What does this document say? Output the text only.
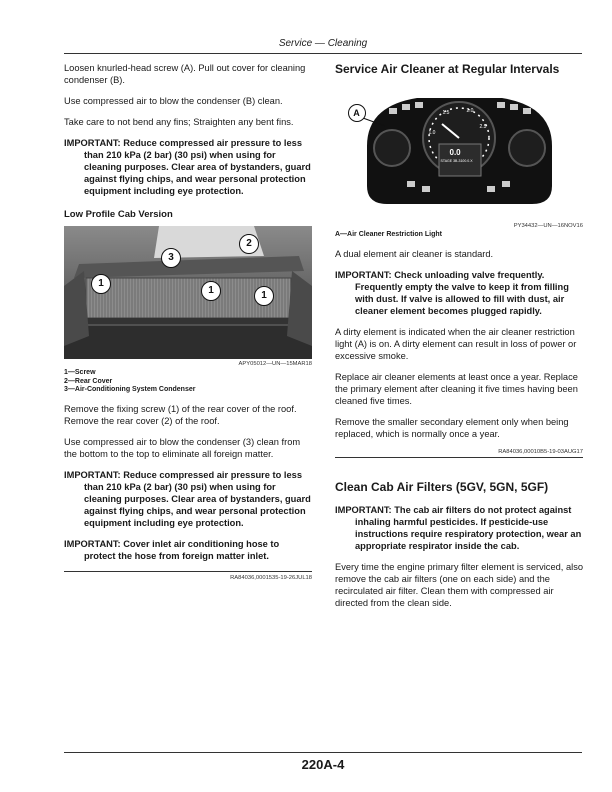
Service — Cleaning

Loosen knurled-head screw (A). Pull out cover for cleaning condenser (B).

Use compressed air to blow the condenser (B) clean.

Take care to not bend any fins; Straighten any bent fins.

IMPORTANT: Reduce compressed air pressure to less than 210 kPa (2 bar) (30 psi) when using for cleaning purposes. Clear area of bystanders, guard against flying chips, and wear personal protection equipment including eye protection.

Low Profile Cab Version
1
1	1
2
3
APY05012—UN—15MAR18
1—Screw
2—Rear Cover
3—Air-Conditioning System Condenser

Remove the fixing screw (1) of the rear cover of the roof. Remove the rear cover (2) of the roof.

Use compressed air to blow the condenser (3) clean from the bottom to the top to eliminate all foreign matter.

IMPORTANT: Reduce compressed air pressure to less than 210 kPa (2 bar) (30 psi) when using for cleaning purposes. Clear area of bystanders, guard against flying chips, and wear personal protection equipment including eye protection.

IMPORTANT: Cover inlet air conditioning hose to protect the hose from foreign matter inlet.

RA84036,0001535-19-26JUL18
Service Air Cleaner at Regular Intervals
A
0.0
STAGE 3B-3100.0.X
1.0
1.5	2.0
2.5
PY34432—UN—16NOV16
A—Air Cleaner Restriction Light

A dual element air cleaner is standard.

IMPORTANT: Check unloading valve frequently. Frequently empty the valve to keep it from filling with dust. If valve is allowed to fill with dust, air cleaner element becomes plugged rapidly.

A dirty element is indicated when the air cleaner restriction light (A) is on. A dirty element can result in loss of power or excessive smoke.

Replace air cleaner elements at least once a year. Replace the primary element after cleaning it five times having been cleaned five times.

Remove the smaller secondary element only when being replaced, which is normally once a year.

RA84036,00010B5-19-03AUG17
Clean Cab Air Filters (5GV, 5GN, 5GF)

IMPORTANT: The cab air filters do not protect against inhaling harmful pesticides. If pesticide-use instructions require respiratory protection, wear an appropriate respirator inside the cab.

Every time the engine primary filter element is serviced, also remove the cab air filters (one on each side) and the recirculated air filter. Clean them with compressed air directed from the clean side.

220A-4
